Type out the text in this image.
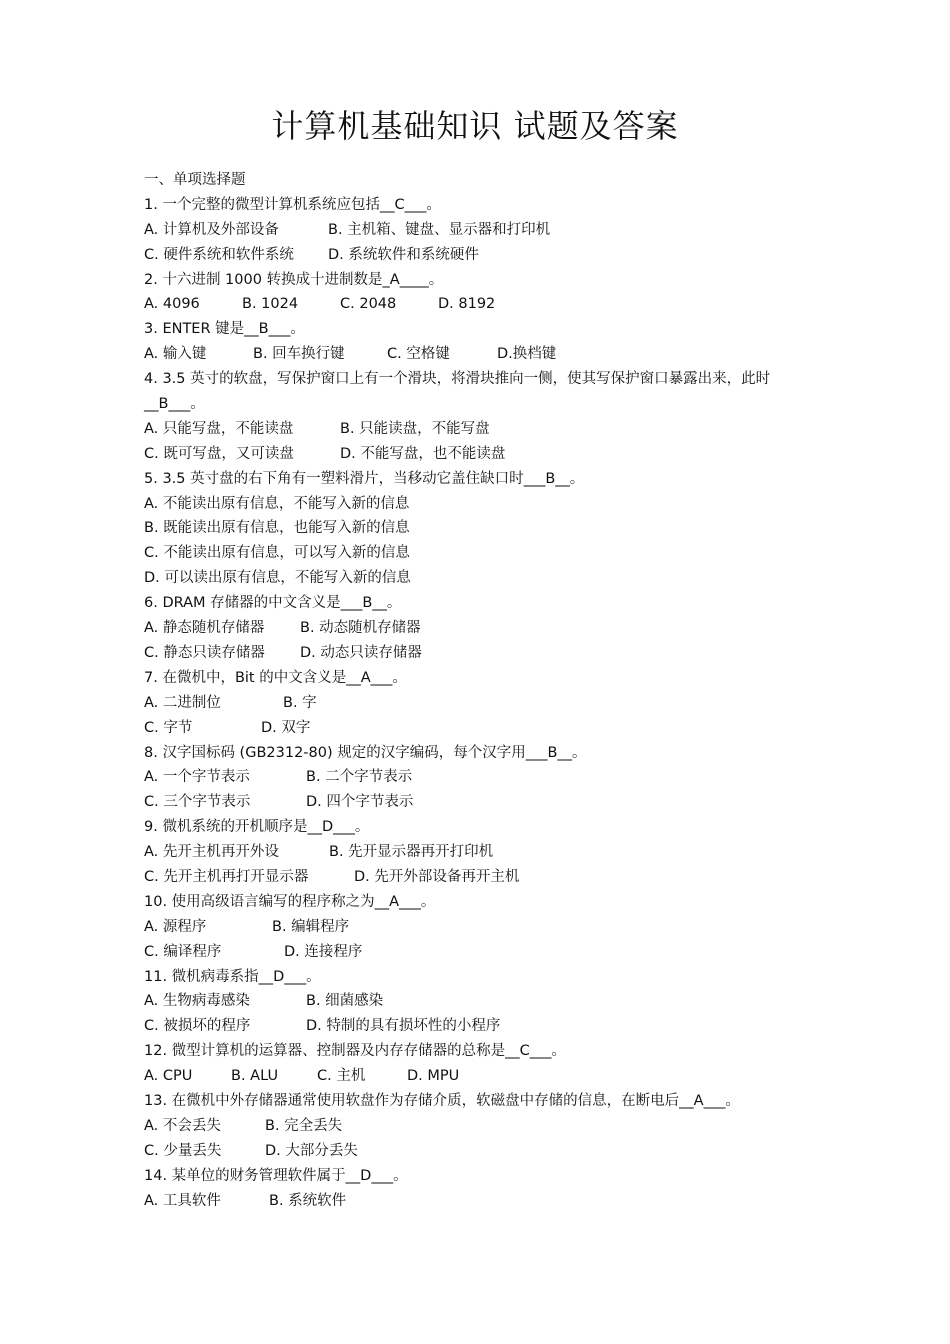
计算机基础知识 试题及答案
一、单项选择题
1. 一个完整的微型计算机系统应包括__C___。
A. 计算机及外部设备	B. 主机箱、键盘、显示器和打印机
C. 硬件系统和软件系统 D. 系统软件和系统硬件
2. 十六进制 1000 转换成十进制数是_A____。
A. 4096	B. 1024	C. 2048	D. 8192
3. ENTER 键是__B___。
A. 输入键	B. 回车换行键	C. 空格键	D.换档键
4. 3.5 英寸的软盘，写保护窗口上有一个滑块，将滑块推向一侧，使其写保护窗口暴露出来，此时__B___。
A. 只能写盘，不能读盘	B. 只能读盘，不能写盘
C. 既可写盘，又可读盘	D. 不能写盘，也不能读盘
5. 3.5 英寸盘的右下角有一塑料滑片，当移动它盖住缺口时___B__。
A. 不能读出原有信息，不能写入新的信息
B. 既能读出原有信息，也能写入新的信息
C. 不能读出原有信息，可以写入新的信息
D. 可以读出原有信息，不能写入新的信息
6. DRAM 存储器的中文含义是___B__。
A. 静态随机存储器 B. 动态随机存储器
C. 静态只读存储器 D. 动态只读存储器
7. 在微机中，Bit 的中文含义是__A___。
A. 二进制位	B. 字
C. 字节	D. 双字
8. 汉字国标码 (GB2312-80) 规定的汉字编码，每个汉字用___B__。
A. 一个字节表示	B. 二个字节表示
C. 三个字节表示	D. 四个字节表示
9. 微机系统的开机顺序是__D___。
A. 先开主机再开外设	B. 先开显示器再开打印机
C. 先开主机再打开显示器	D. 先开外部设备再开主机
10. 使用高级语言编写的程序称之为__A___。
A. 源程序	B. 编辑程序
C. 编译程序	D. 连接程序
11. 微机病毒系指__D___。
A. 生物病毒感染	B. 细菌感染
C. 被损坏的程序	D. 特制的具有损坏性的小程序
12. 微型计算机的运算器、控制器及内存存储器的总称是__C___。
A. CPU	B. ALU	C. 主机	D. MPU
13. 在微机中外存储器通常使用软盘作为存储介质，软磁盘中存储的信息，在断电后__A___。
A. 不会丢失	B. 完全丢失
C. 少量丢失	D. 大部分丢失
14. 某单位的财务管理软件属于__D___。
A. 工具软件	B. 系统软件
